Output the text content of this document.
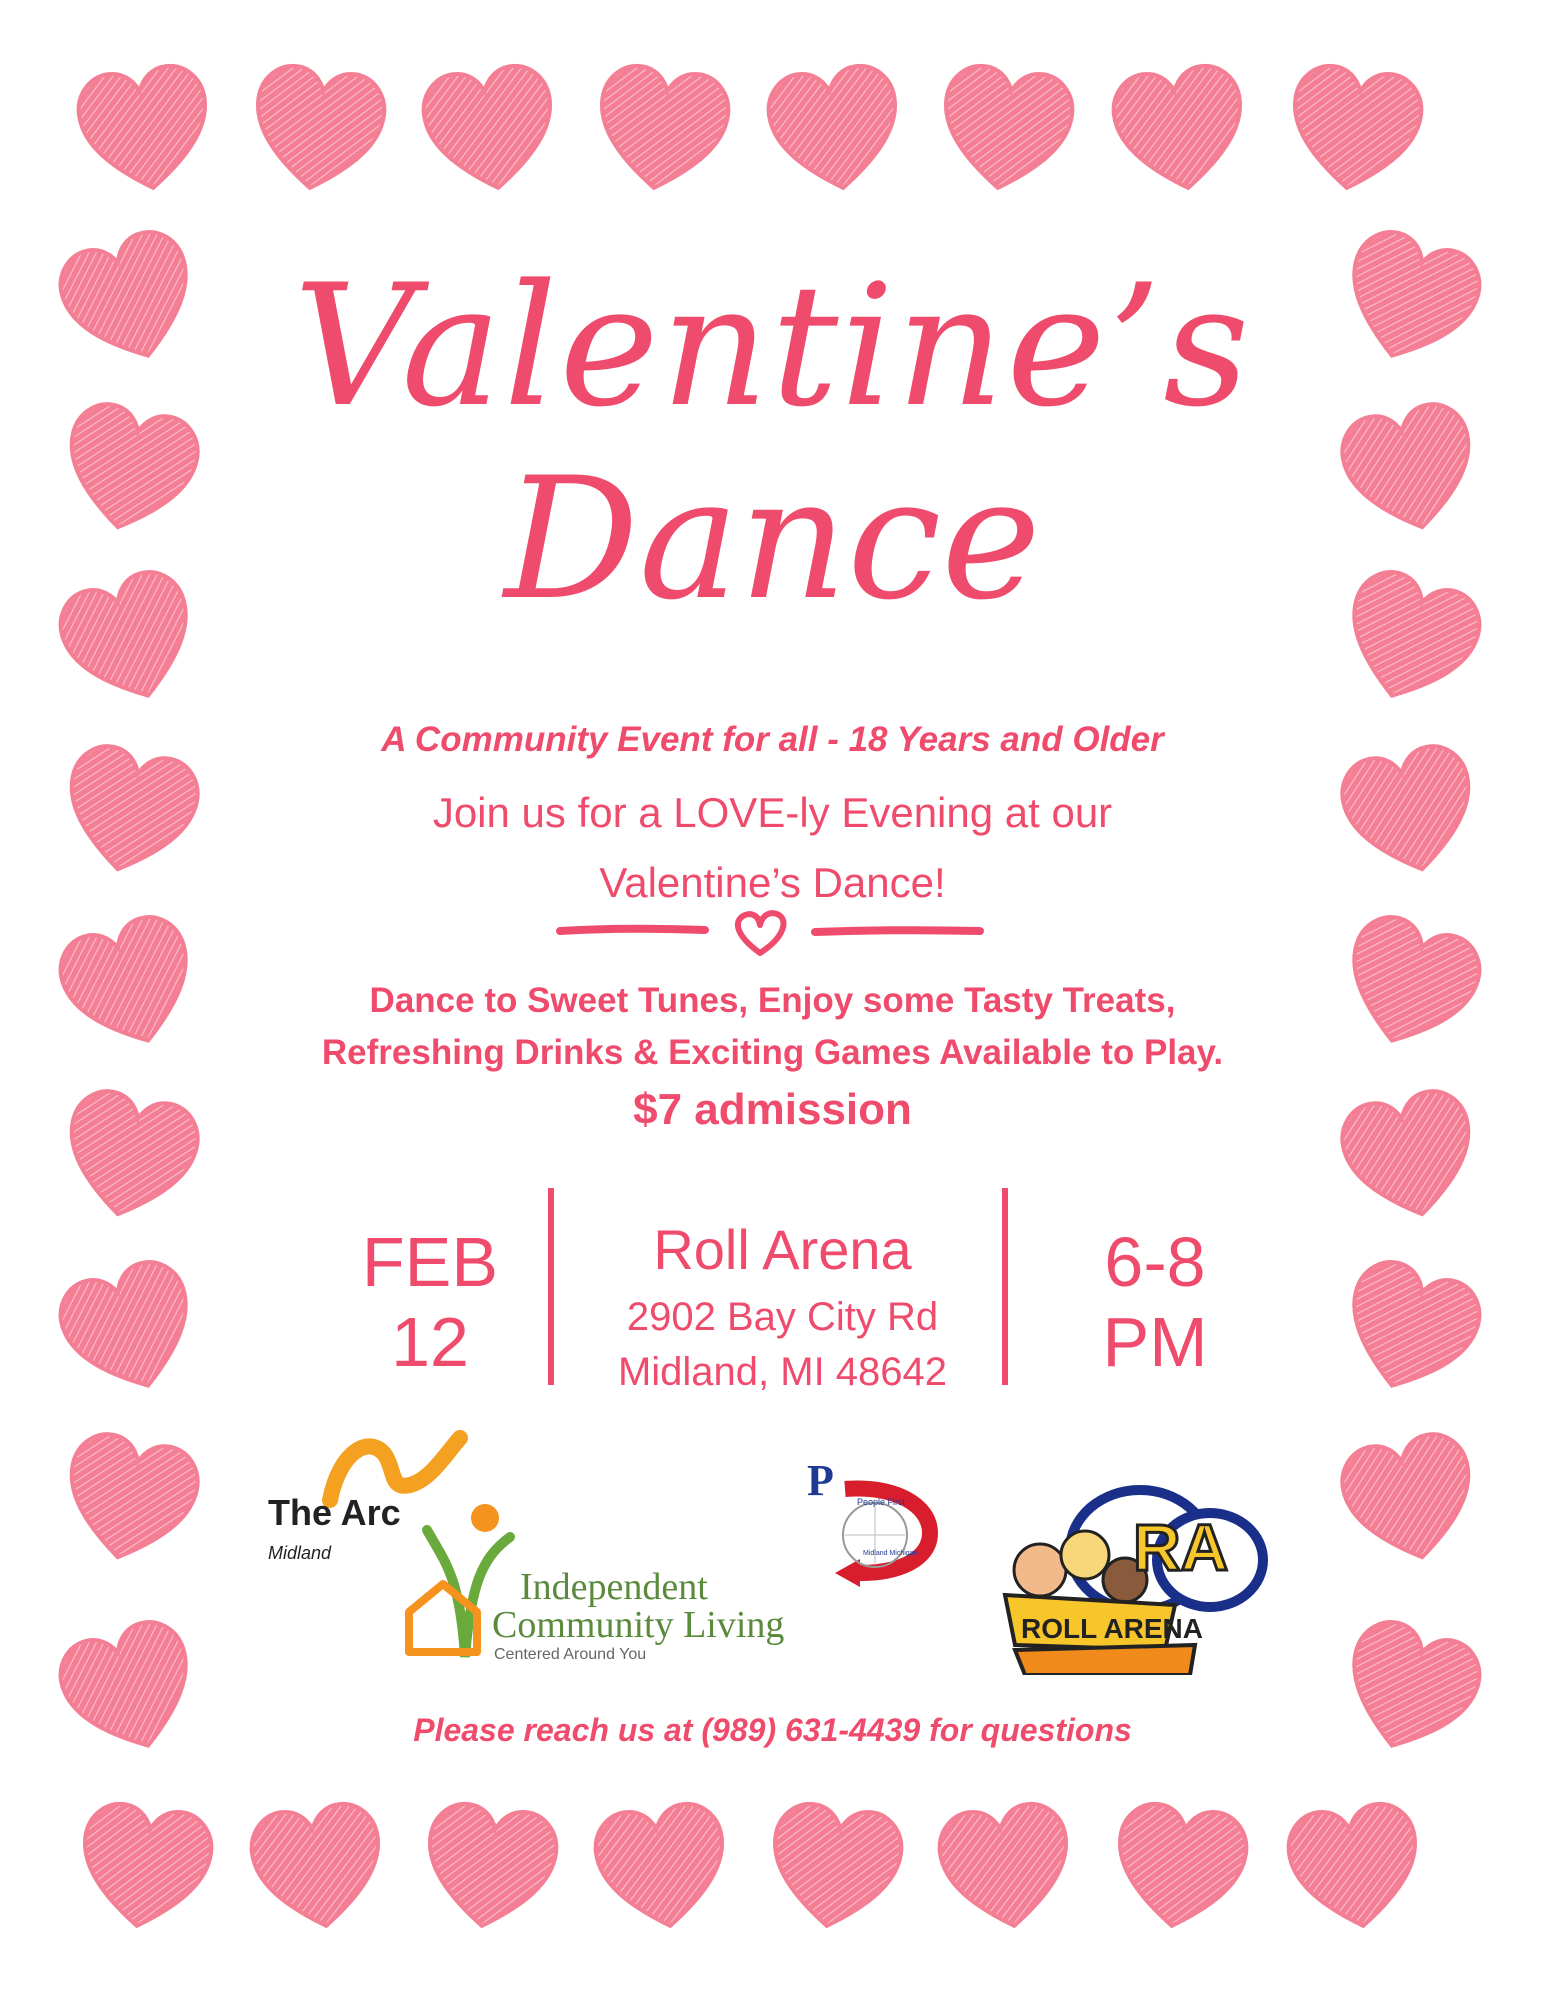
Valentine’s
Dance
A Community Event for all - 18 Years and Older
Join us for a LOVE-ly Evening at our
Valentine’s Dance!
Dance to Sweet Tunes, Enjoy some Tasty Treats,
Refreshing Drinks & Exciting Games Available to Play.
$7 admission
FEB
12
Roll Arena
2902 Bay City Rd
Midland, MI 48642
6-8
PM
The Arc
Midland
Independent
Community Living
Centered Around You
P	People First
Midland Michigan	RA
ROLL ARENA
Please reach us at (989) 631-4439 for questions
